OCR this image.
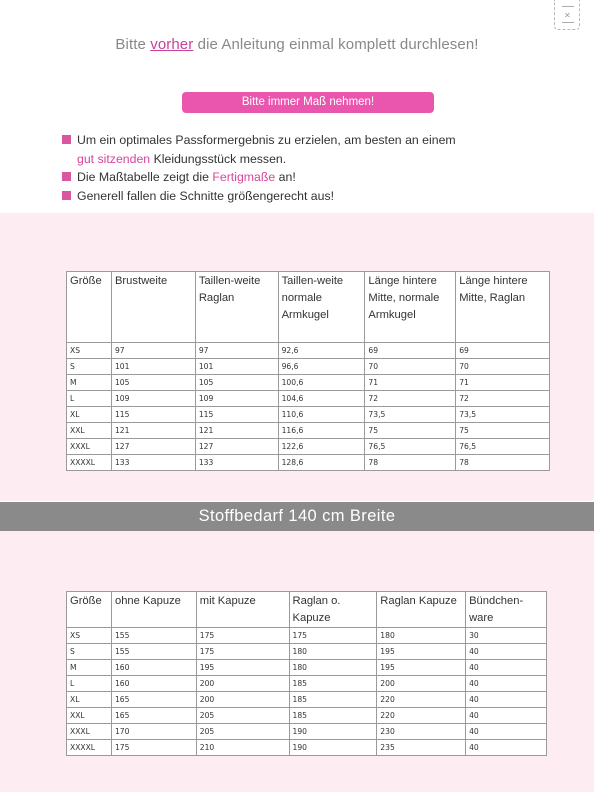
✕
Bitte vorher die Anleitung einmal komplett durchlesen!
Bitte immer Maß nehmen!
Um ein optimales Passformergebnis zu erzielen, am besten an einem
gut sitzenden Kleidungsstück messen.
Die Maßtabelle zeigt die Fertigmaße an!
Generell fallen die Schnitte größengerecht aus!
Größe	Brustweite	Taillen-weite Raglan	Taillen-weite normale Armkugel	Länge hintere Mitte, normale Armkugel	Länge hintere Mitte, Raglan
XS	97	97	92,6	69	69
S	101	101	96,6	70	70
M	105	105	100,6	71	71
L	109	109	104,6	72	72
XL	115	115	110,6	73,5	73,5
XXL	121	121	116,6	75	75
XXXL	127	127	122,6	76,5	76,5
XXXXL	133	133	128,6	78	78
Stoffbedarf 140 cm Breite
Größe	ohne Kapuze	mit Kapuze	Raglan o. Kapuze	Raglan Kapuze	Bündchen-ware
XS	155	175	175	180	30
S	155	175	180	195	40
M	160	195	180	195	40
L	160	200	185	200	40
XL	165	200	185	220	40
XXL	165	205	185	220	40
XXXL	170	205	190	230	40
XXXXL	175	210	190	235	40
